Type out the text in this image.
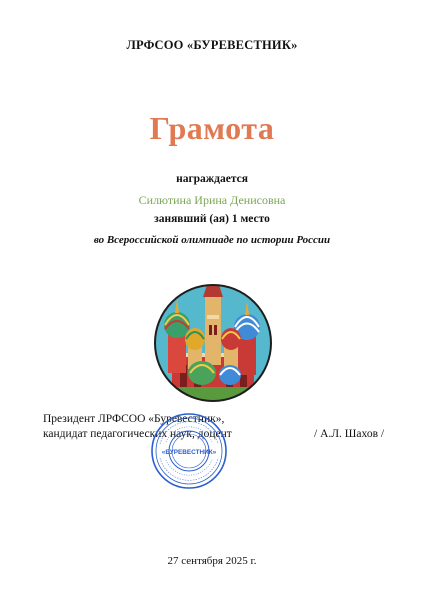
ЛРФСОО «БУРЕВЕСТНИК»
Грамота
награждается
Силютина Ирина Денисовна
занявший (ая) 1 место
во Всероссийской олимпиаде по истории России
Президент ЛРФСОО «Буревестник»,
кандидат педагогических наук, доцент	/ А.Л. Шахов /
«БУРЕВЕСТНИК»
27 сентября 2025 г.
